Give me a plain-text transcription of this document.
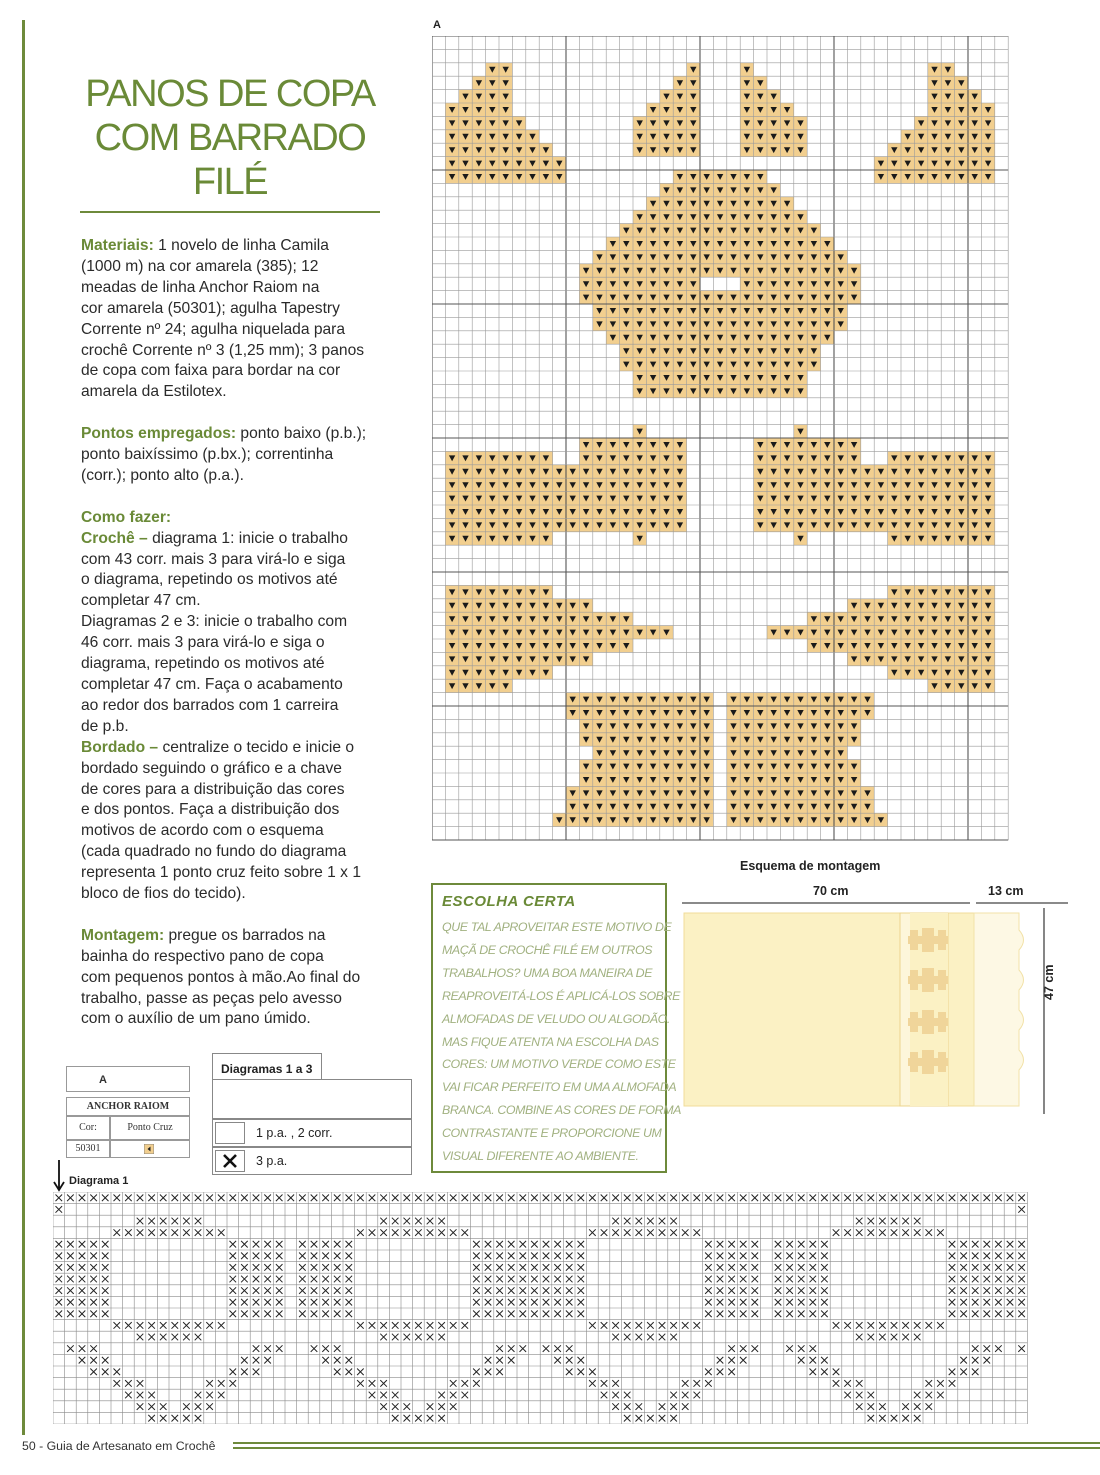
PANOS DE COPA
COM BARRADO
FILÉ
Materiais: 1 novelo de linha Camila
(1000 m) na cor amarela (385); 12
meadas de linha Anchor Raiom na
cor amarela (50301); agulha Tapestry
Corrente nº 24; agulha niquelada para
crochê Corrente nº 3 (1,25 mm); 3 panos
de copa com faixa para bordar na cor
amarela da Estilotex.
Pontos empregados: ponto baixo (p.b.);
ponto baixíssimo (p.bx.); correntinha
(corr.); ponto alto (p.a.).
Como fazer:
Crochê – diagrama 1: inicie o trabalho
com 43 corr. mais 3 para virá-lo e siga
o diagrama, repetindo os motivos até
completar 47 cm.
Diagramas 2 e 3: inicie o trabalho com
46 corr. mais 3 para virá-lo e siga o
diagrama, repetindo os motivos até
completar 47 cm. Faça o acabamento
ao redor dos barrados com 1 carreira
de p.b.
Bordado – centralize o tecido e inicie o
bordado seguindo o gráfico e a chave
de cores para a distribuição das cores
e dos pontos. Faça a distribuição dos
motivos de acordo com o esquema
(cada quadrado no fundo do diagrama
representa 1 ponto cruz feito sobre 1 x 1
bloco de fios do tecido).
Montagem: pregue os barrados na
bainha do respectivo pano de copa
com pequenos pontos à mão.Ao final do
trabalho, passe as peças pelo avesso
com o auxílio de um pano úmido.
A
A
ANCHOR RAIOM
Cor:	Ponto Cruz
50301
Diagramas 1 a 3
1 p.a. , 2 corr.
3 p.a.
ESCOLHA CERTA
QUE TAL APROVEITAR ESTE MOTIVO DE
MAÇÃ DE CROCHÊ FILÉ EM OUTROS
TRABALHOS? UMA BOA MANEIRA DE
REAPROVEITÁ-LOS É APLICÁ-LOS SOBRE
ALMOFADAS DE VELUDO OU ALGODÃO.
MAS FIQUE ATENTA NA ESCOLHA DAS
CORES: UM MOTIVO VERDE COMO ESTE
VAI FICAR PERFEITO EM UMA ALMOFADA
BRANCA. COMBINE AS CORES DE FORMA
CONTRASTANTE E PROPORCIONE UM
VISUAL DIFERENTE AO AMBIENTE.
Esquema de montagem
70 cm	13 cm
47 cm
Diagrama 1
50 - Guia de Artesanato em Crochê
